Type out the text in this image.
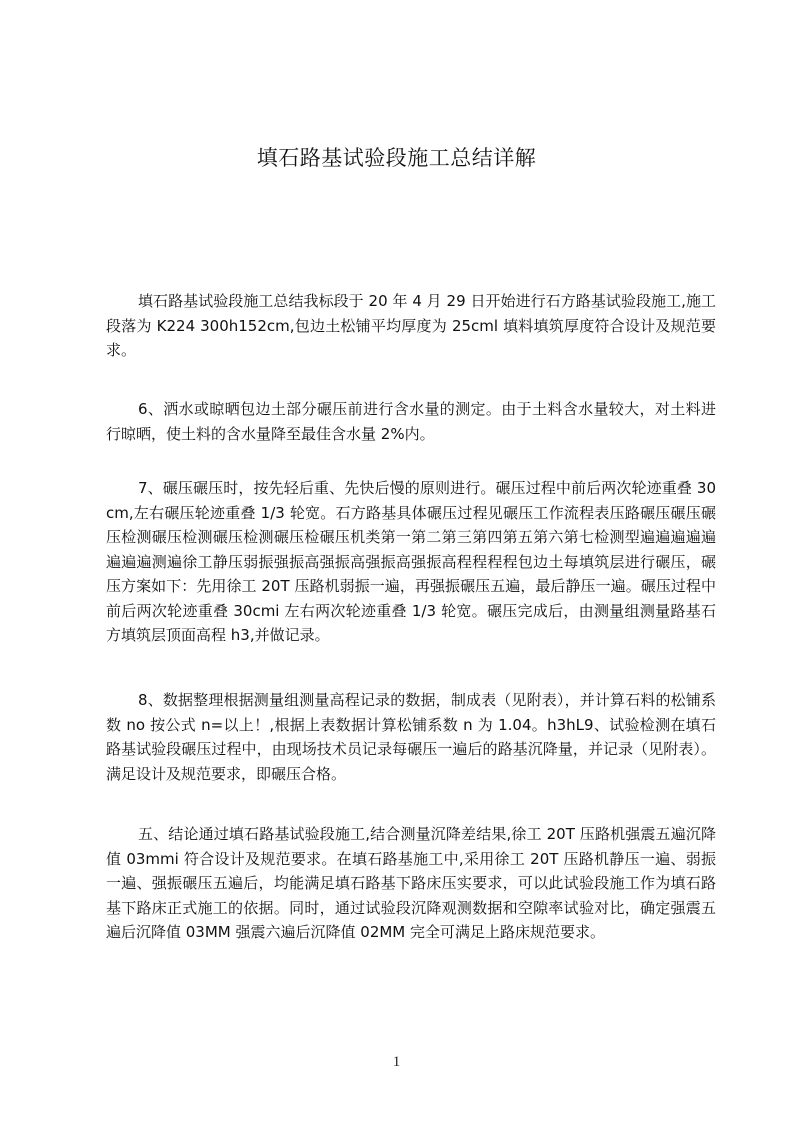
填石路基试验段施工总结详解

填石路基试验段施工总结我标段于 20 年 4 月 29 日开始进行石方路基试验段施工,施工段落为 K224 300h152cm,包边土松铺平均厚度为 25cml 填料填筑厚度符合设计及规范要求。

6、洒水或晾晒包边土部分碾压前进行含水量的测定。由于土料含水量较大，对土料进行晾晒，使土料的含水量降至最佳含水量 2%内。

7、碾压碾压时，按先轻后重、先快后慢的原则进行。碾压过程中前后两次轮迹重叠 30cm,左右碾压轮迹重叠 1/3 轮宽。石方路基具体碾压过程见碾压工作流程表压路碾压碾压碾压检测碾压检测碾压检测碾压检碾压机类第一第二第三第四第五第六第七检测型遍遍遍遍遍遍遍遍测遍徐工静压弱振强振高强振高强振高强振高程程程程包边土每填筑层进行碾压，碾压方案如下：先用徐工 20T 压路机弱振一遍，再强振碾压五遍，最后静压一遍。碾压过程中前后两次轮迹重叠 30cmi 左右两次轮迹重叠 1/3 轮宽。碾压完成后，由测量组测量路基石方填筑层顶面高程 h3,并做记录。

8、数据整理根据测量组测量高程记录的数据，制成表（见附表），并计算石料的松铺系数 no 按公式 n=以上！,根据上表数据计算松铺系数 n 为 1.04。h3hL9、试验检测在填石路基试验段碾压过程中，由现场技术员记录每碾压一遍后的路基沉降量，并记录（见附表）。满足设计及规范要求，即碾压合格。

五、结论通过填石路基试验段施工,结合测量沉降差结果,徐工 20T 压路机强震五遍沉降值 03mmi 符合设计及规范要求。在填石路基施工中,采用徐工 20T 压路机静压一遍、弱振一遍、强振碾压五遍后，均能满足填石路基下路床压实要求，可以此试验段施工作为填石路基下路床正式施工的依据。同时，通过试验段沉降观测数据和空隙率试验对比，确定强震五遍后沉降值 03MM 强震六遍后沉降值 02MM 完全可满足上路床规范要求。

1
